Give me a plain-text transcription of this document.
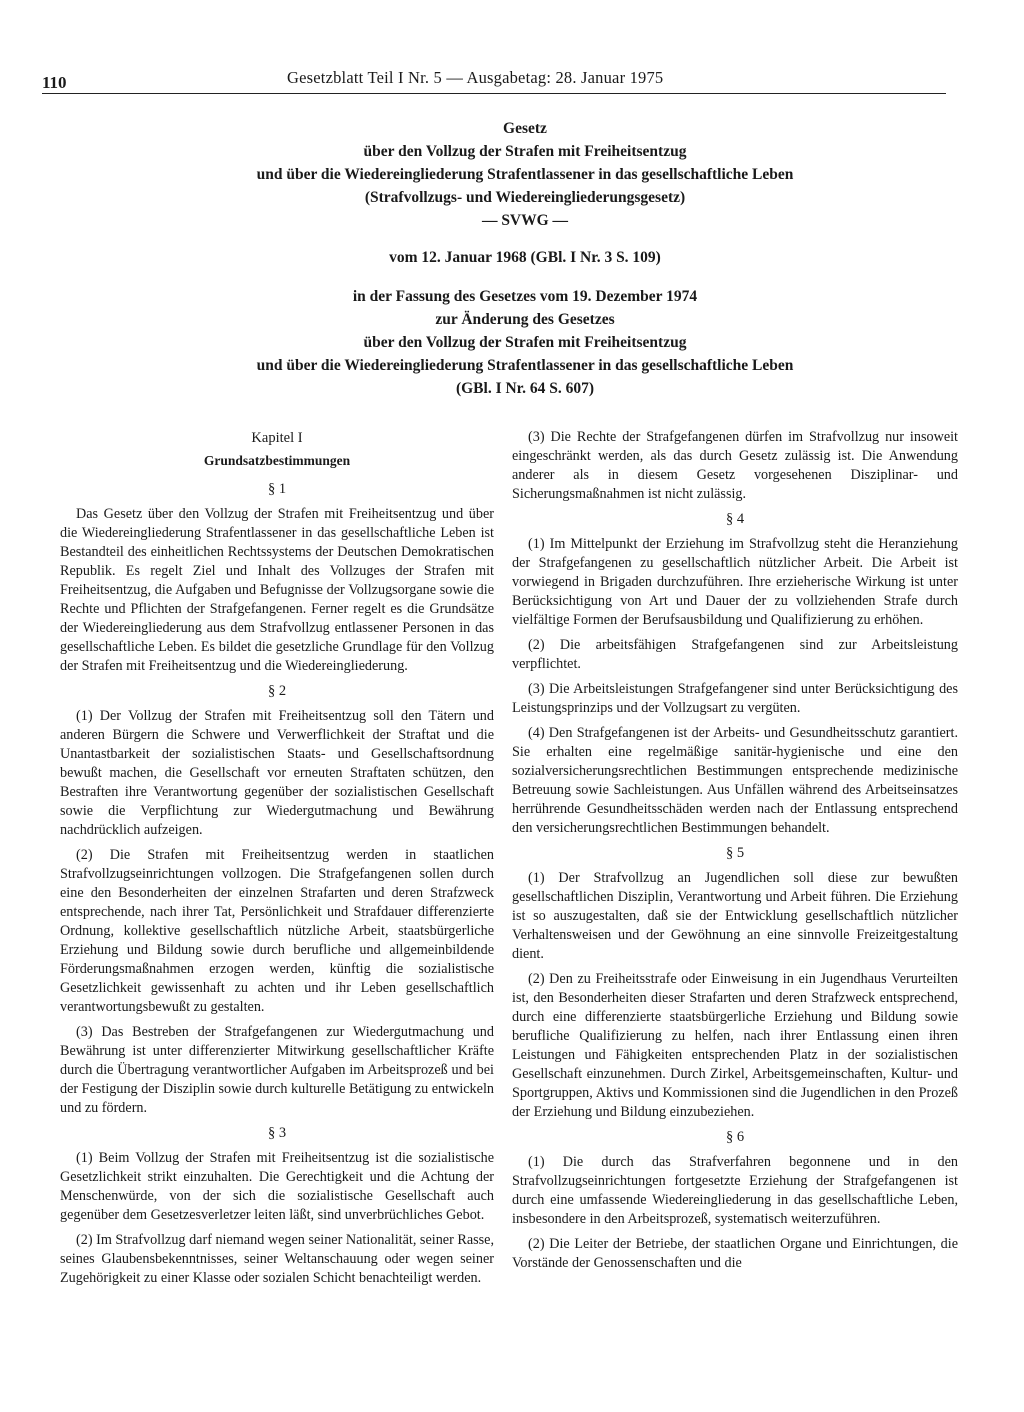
110	Gesetzblatt Teil I Nr. 5 — Ausgabetag: 28. Januar 1975
Gesetz
über den Vollzug der Strafen mit Freiheitsentzug
und über die Wiedereingliederung Strafentlassener in das gesellschaftliche Leben
(Strafvollzugs- und Wiedereingliederungsgesetz)
— SVWG —
vom 12. Januar 1968 (GBl. I Nr. 3 S. 109)
in der Fassung des Gesetzes vom 19. Dezember 1974
zur Änderung des Gesetzes
über den Vollzug der Strafen mit Freiheitsentzug
und über die Wiedereingliederung Strafentlassener in das gesellschaftliche Leben
(GBl. I Nr. 64 S. 607)
Kapitel I
Grundsatzbestimmungen
§ 1

Das Gesetz über den Vollzug der Strafen mit Freiheitsentzug und über die Wiedereingliederung Strafentlassener in das gesellschaftliche Leben ist Bestandteil des einheitlichen Rechtssystems der Deutschen Demokratischen Republik. Es regelt Ziel und Inhalt des Vollzuges der Strafen mit Freiheitsentzug, die Aufgaben und Befugnisse der Vollzugsorgane sowie die Rechte und Pflichten der Strafgefangenen. Ferner regelt es die Grundsätze der Wiedereingliederung aus dem Strafvollzug entlassener Personen in das gesellschaftliche Leben. Es bildet die gesetzliche Grundlage für den Vollzug der Strafen mit Freiheitsentzug und die Wiedereingliederung.

§ 2

(1) Der Vollzug der Strafen mit Freiheitsentzug soll den Tätern und anderen Bürgern die Schwere und Verwerflichkeit der Straftat und die Unantastbarkeit der sozialistischen Staats- und Gesellschaftsordnung bewußt machen, die Gesellschaft vor erneuten Straftaten schützen, den Bestraften ihre Verantwortung gegenüber der sozialistischen Gesellschaft sowie die Verpflichtung zur Wiedergutmachung und Bewährung nachdrücklich aufzeigen.

(2) Die Strafen mit Freiheitsentzug werden in staatlichen Strafvollzugseinrichtungen vollzogen. Die Strafgefangenen sollen durch eine den Besonderheiten der einzelnen Strafarten und deren Strafzweck entsprechende, nach ihrer Tat, Persönlichkeit und Strafdauer differenzierte Ordnung, kollektive gesellschaftlich nützliche Arbeit, staatsbürgerliche Erziehung und Bildung sowie durch berufliche und allgemeinbildende Förderungsmaßnahmen erzogen werden, künftig die sozialistische Gesetzlichkeit gewissenhaft zu achten und ihr Leben gesellschaftlich verantwortungsbewußt zu gestalten.

(3) Das Bestreben der Strafgefangenen zur Wiedergutmachung und Bewährung ist unter differenzierter Mitwirkung gesellschaftlicher Kräfte durch die Übertragung verantwortlicher Aufgaben im Arbeitsprozeß und bei der Festigung der Disziplin sowie durch kulturelle Betätigung zu entwickeln und zu fördern.

§ 3

(1) Beim Vollzug der Strafen mit Freiheitsentzug ist die sozialistische Gesetzlichkeit strikt einzuhalten. Die Gerechtigkeit und die Achtung der Menschenwürde, von der sich die sozialistische Gesellschaft auch gegenüber dem Gesetzesverletzer leiten läßt, sind unverbrüchliches Gebot.

(2) Im Strafvollzug darf niemand wegen seiner Nationalität, seiner Rasse, seines Glaubensbekenntnisses, seiner Weltanschauung oder wegen seiner Zugehörigkeit zu einer Klasse oder sozialen Schicht benachteiligt werden.

(3) Die Rechte der Strafgefangenen dürfen im Strafvollzug nur insoweit eingeschränkt werden, als das durch Gesetz zulässig ist. Die Anwendung anderer als in diesem Gesetz vorgesehenen Disziplinar- und Sicherungsmaßnahmen ist nicht zulässig.

§ 4

(1) Im Mittelpunkt der Erziehung im Strafvollzug steht die Heranziehung der Strafgefangenen zu gesellschaftlich nützlicher Arbeit. Die Arbeit ist vorwiegend in Brigaden durchzuführen. Ihre erzieherische Wirkung ist unter Berücksichtigung von Art und Dauer der zu vollziehenden Strafe durch vielfältige Formen der Berufsausbildung und Qualifizierung zu erhöhen.

(2) Die arbeitsfähigen Strafgefangenen sind zur Arbeitsleistung verpflichtet.

(3) Die Arbeitsleistungen Strafgefangener sind unter Berücksichtigung des Leistungsprinzips und der Vollzugsart zu vergüten.

(4) Den Strafgefangenen ist der Arbeits- und Gesundheitsschutz garantiert. Sie erhalten eine regelmäßige sanitär-hygienische und eine den sozialversicherungsrechtlichen Bestimmungen entsprechende medizinische Betreuung sowie Sachleistungen. Aus Unfällen während des Arbeitseinsatzes herrührende Gesundheitsschäden werden nach der Entlassung entsprechend den versicherungsrechtlichen Bestimmungen behandelt.

§ 5

(1) Der Strafvollzug an Jugendlichen soll diese zur bewußten gesellschaftlichen Disziplin, Verantwortung und Arbeit führen. Die Erziehung ist so auszugestalten, daß sie der Entwicklung gesellschaftlich nützlicher Verhaltensweisen und der Gewöhnung an eine sinnvolle Freizeitgestaltung dient.

(2) Den zu Freiheitsstrafe oder Einweisung in ein Jugendhaus Verurteilten ist, den Besonderheiten dieser Strafarten und deren Strafzweck entsprechend, durch eine differenzierte staatsbürgerliche Erziehung und Bildung sowie berufliche Qualifizierung zu helfen, nach ihrer Entlassung einen ihren Leistungen und Fähigkeiten entsprechenden Platz in der sozialistischen Gesellschaft einzunehmen. Durch Zirkel, Arbeitsgemeinschaften, Kultur- und Sportgruppen, Aktivs und Kommissionen sind die Jugendlichen in den Prozeß der Erziehung und Bildung einzubeziehen.

§ 6

(1) Die durch das Strafverfahren begonnene und in den Strafvollzugseinrichtungen fortgesetzte Erziehung der Strafgefangenen ist durch eine umfassende Wiedereingliederung in das gesellschaftliche Leben, insbesondere in den Arbeitsprozeß, systematisch weiterzuführen.

(2) Die Leiter der Betriebe, der staatlichen Organe und Einrichtungen, die Vorstände der Genossenschaften und die
